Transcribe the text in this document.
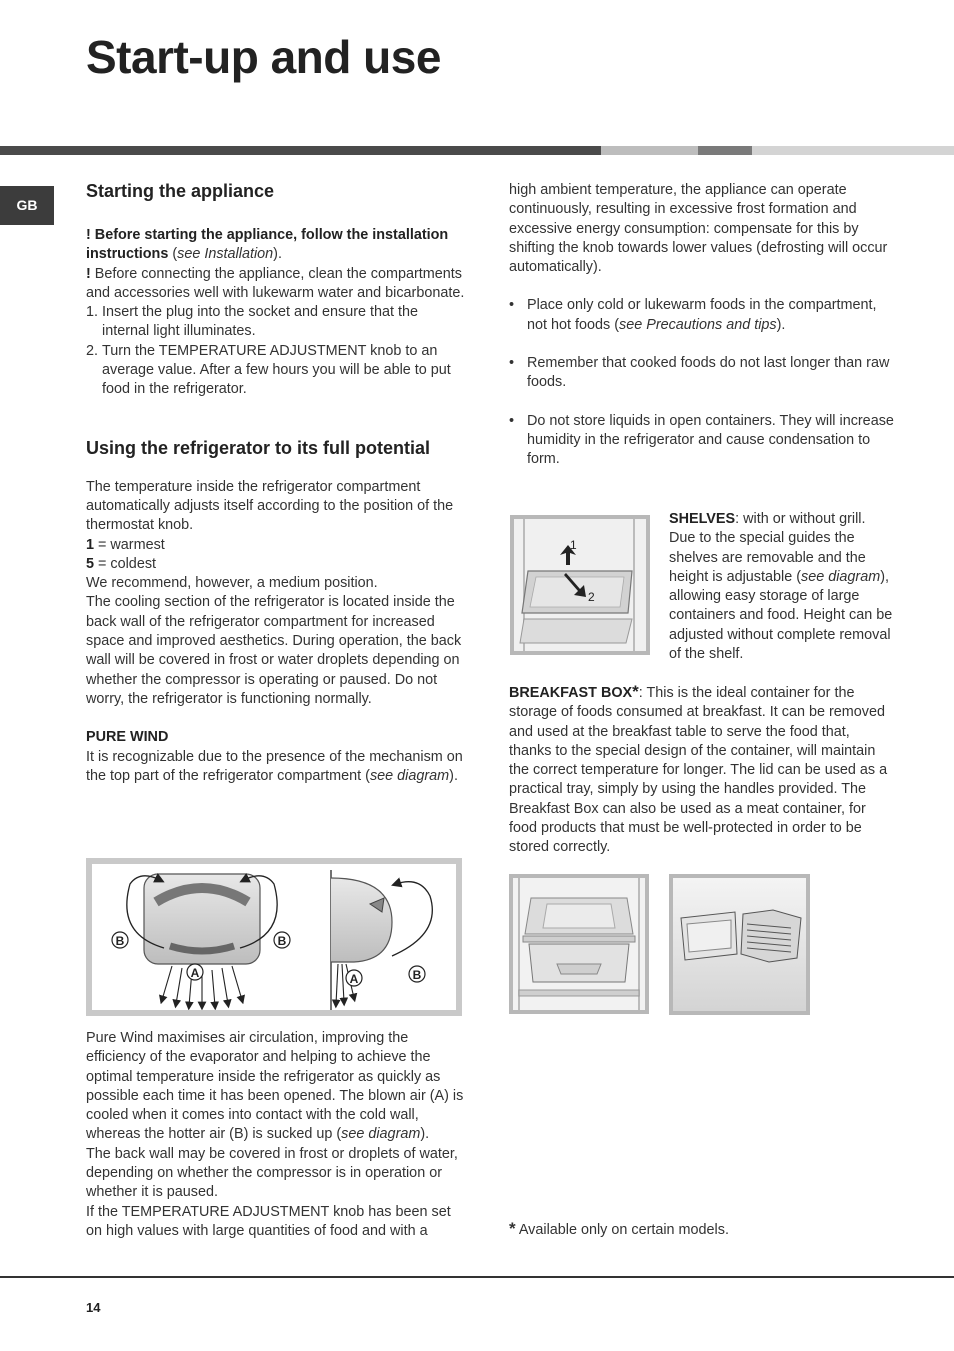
Start-up and use
GB
Starting the appliance

! Before starting the appliance, follow the installation instructions (see Installation).

! Before connecting the appliance, clean the compartments and accessories well with lukewarm water and bicarbonate.

1. Insert the plug into the socket and ensure that the internal light illuminates.
2. Turn the TEMPERATURE ADJUSTMENT knob to an average value. After a few hours you will be able to put food in the refrigerator.
Using the refrigerator to its full potential

The temperature inside the refrigerator compartment automatically adjusts itself according to the position of the thermostat knob.

1 = warmest

5 = coldest

We recommend, however, a medium position.

The cooling section of the refrigerator is located inside the back wall of the refrigerator compartment for increased space and improved aesthetics. During operation, the back wall will be covered in frost or water droplets depending on whether the compressor is operating or paused. Do not worry, the refrigerator is functioning normally.

PURE WIND

It is recognizable due to the presence of the mechanism on the top part of the refrigerator compartment (see diagram).

B	B
A	A	B

Pure Wind maximises air circulation, improving the efficiency of the evaporator and helping to achieve the optimal temperature inside the refrigerator as quickly as possible each time it has been opened. The blown air (A) is cooled when it comes into contact with the cold wall, whereas the hotter air (B) is sucked up (see diagram).

The back wall may be covered in frost or droplets of water, depending on whether the compressor is in operation or whether it is paused.

If the TEMPERATURE ADJUSTMENT knob has been set on high values with large quantities of food and with a

high ambient temperature, the appliance can operate continuously, resulting in excessive frost formation and excessive energy consumption: compensate for this by shifting the knob towards lower values (defrosting will occur automatically).

• Place only cold or lukewarm foods in the compartment, not hot foods (see Precautions and tips).
• Remember that cooked foods do not last longer than raw foods.
• Do not store liquids in open containers. They will increase humidity in the refrigerator and cause condensation to form.
1
2

SHELVES: with or without grill. Due to the special guides the shelves are removable and the height is adjustable (see diagram), allowing easy storage of large containers and food. Height can be adjusted without complete removal of the shelf.

BREAKFAST BOX*: This is the ideal container for the storage of foods consumed at breakfast. It can be removed and used at the breakfast table to serve the food that, thanks to the special design of the container, will maintain the correct temperature for longer. The lid can be used as a practical tray, simply by using the handles provided. The Breakfast Box can also be used as a meat container, for food products that must be well-protected in order to be stored correctly.

* Available only on certain models.
14
